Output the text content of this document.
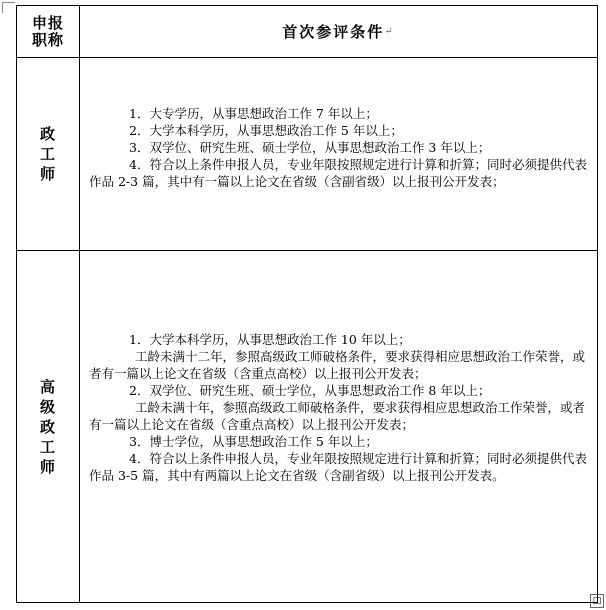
申报职称	首次参评条件 ↵
政工师
1．大专学历，从事思想政治工作 7 年以上；
2．大学本科学历，从事思想政治工作 5 年以上；
3．双学位、研究生班、硕士学位，从事思想政治工作 3 年以上；
4．符合以上条件申报人员，专业年限按照规定进行计算和折算；同时必须提供代表作品 2-3 篇，其中有一篇以上论文在省级（含副省级）以上报刊公开发表；
高级政工师
1．大学本科学历，从事思想政治工作 10 年以上；
工龄未满十二年，参照高级政工师破格条件，要求获得相应思想政治工作荣誉，或者有一篇以上论文在省级（含重点高校）以上报刊公开发表；
2．双学位、研究生班、硕士学位，从事思想政治工作 8 年以上；
工龄未满十年，参照高级政工师破格条件，要求获得相应思想政治工作荣誉，或者有一篇以上论文在省级（含重点高校）以上报刊公开发表；
3．博士学位，从事思想政治工作 5 年以上；
4．符合以上条件申报人员，专业年限按照规定进行计算和折算；同时必须提供代表作品 3-5 篇，其中有两篇以上论文在省级（含副省级）以上报刊公开发表。
□
